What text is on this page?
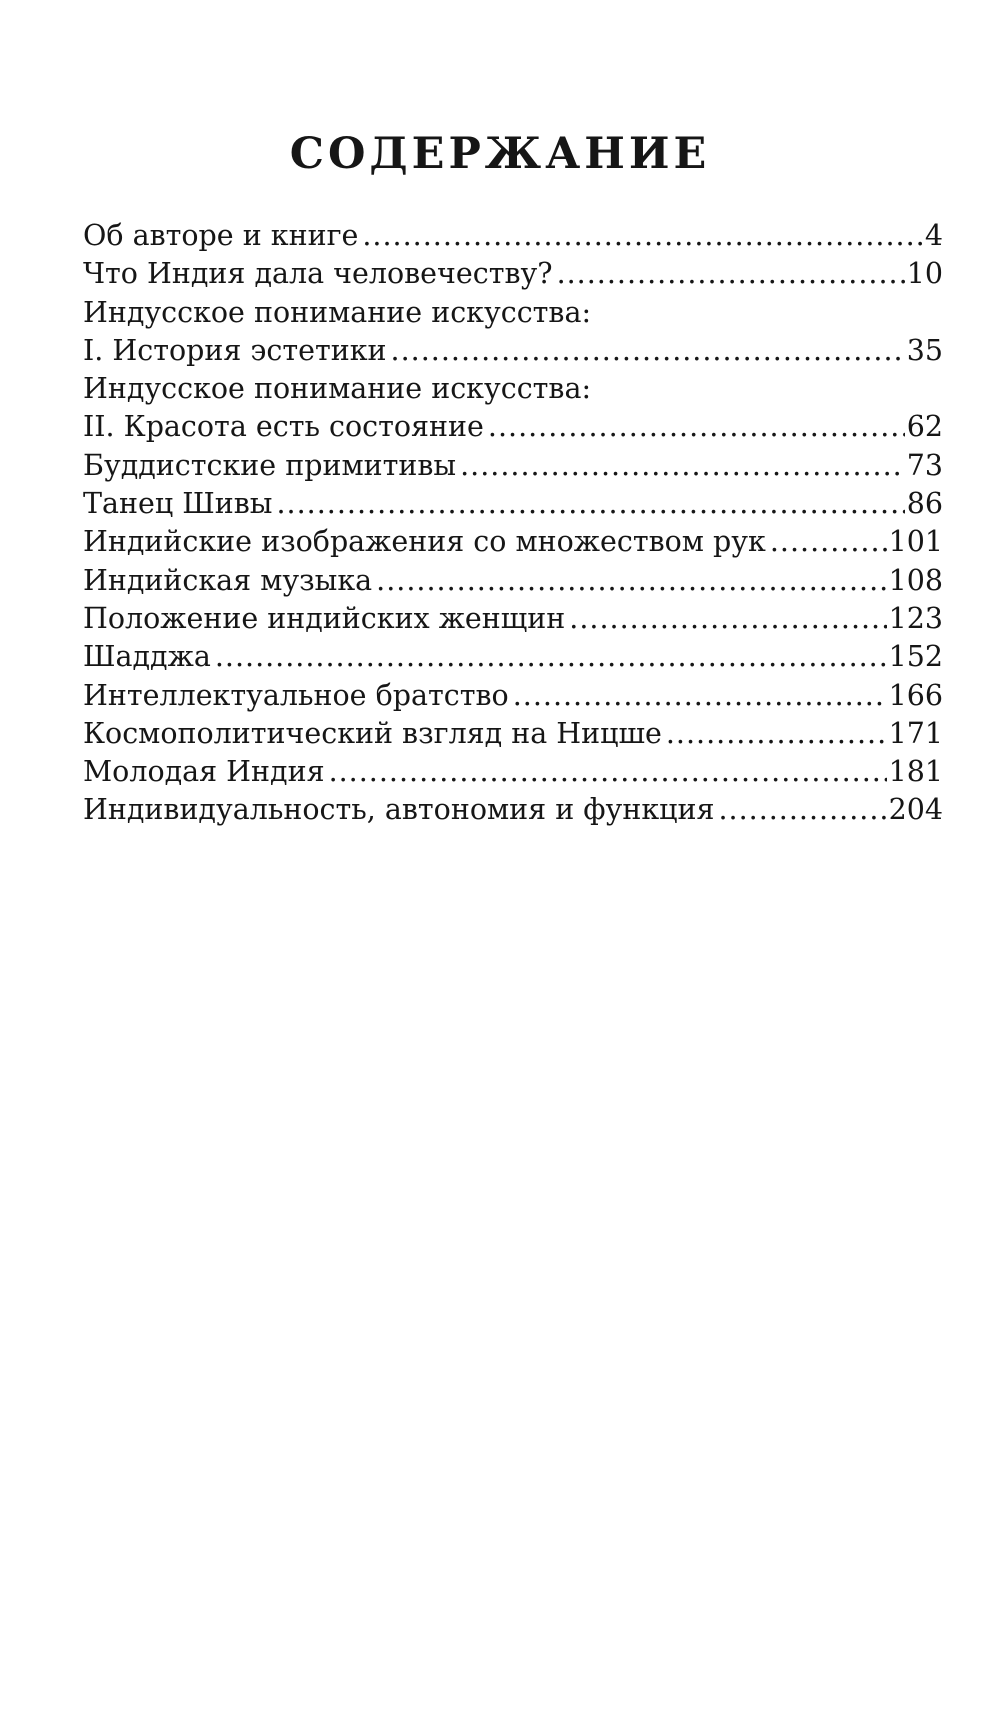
СОДЕРЖАНИЕ
Об авторе и книге .....	4
Что Индия дала человечеству? .....	10
Индусское понимание искусства:
I. История эстетики .....	35
Индусское понимание искусства:
II. Красота есть состояние .....	62
Буддистские примитивы .....	73
Танец Шивы .....	86
Индийские изображения со множеством рук .....	101
Индийская музыка .....	108
Положение индийских женщин .....	123
Шадджа .....	152
Интеллектуальное братство .....	166
Космополитический взгляд на Ницше .....	171
Молодая Индия .....	181
Индивидуальность, автономия и функция .....	204
